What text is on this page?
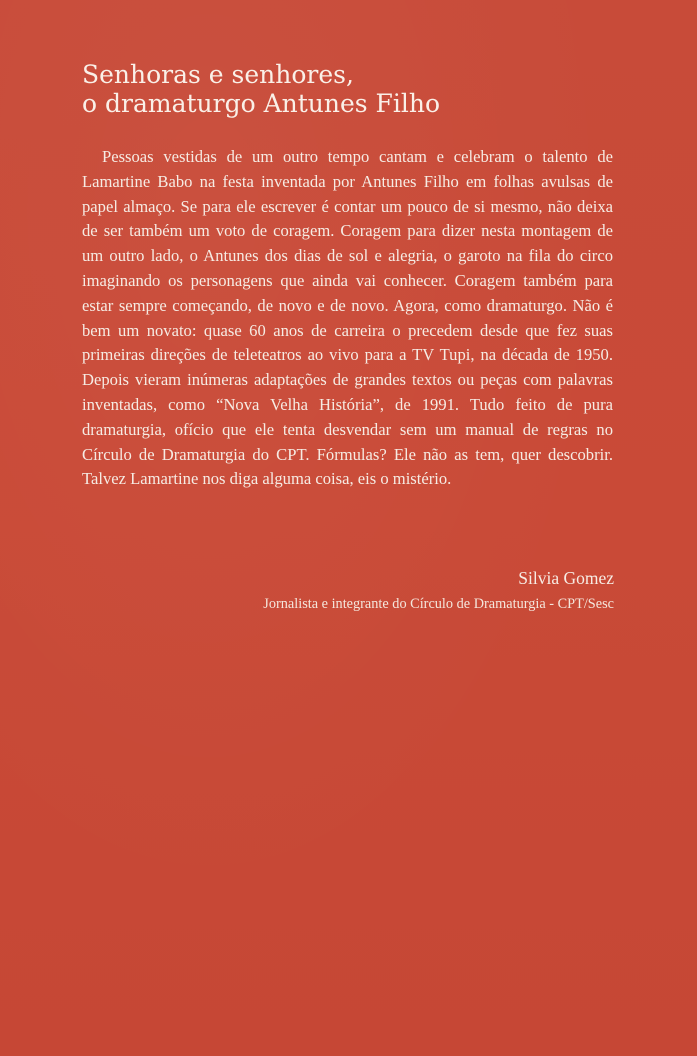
Senhoras e senhores,
o dramaturgo Antunes Filho

Pessoas vestidas de um outro tempo cantam e celebram o talento de Lamartine Babo na festa inventada por Antunes Filho em folhas avulsas de papel almaço. Se para ele escrever é contar um pouco de si mesmo, não deixa de ser também um voto de coragem. Coragem para dizer nesta montagem de um outro lado, o Antunes dos dias de sol e alegria, o garoto na fila do circo imaginando os personagens que ainda vai conhecer. Coragem também para estar sempre começando, de novo e de novo. Agora, como dramaturgo. Não é bem um novato: quase 60 anos de carreira o precedem desde que fez suas primeiras direções de teleteatros ao vivo para a TV Tupi, na década de 1950. Depois vieram inúmeras adaptações de grandes textos ou peças com palavras inventadas, como “Nova Velha História”, de 1991. Tudo feito de pura dramaturgia, ofício que ele tenta desvendar sem um manual de regras no Círculo de Dramaturgia do CPT. Fórmulas? Ele não as tem, quer descobrir. Talvez Lamartine nos diga alguma coisa, eis o mistério.

Silvia Gomez

Jornalista e integrante do Círculo de Dramaturgia - CPT/Sesc
